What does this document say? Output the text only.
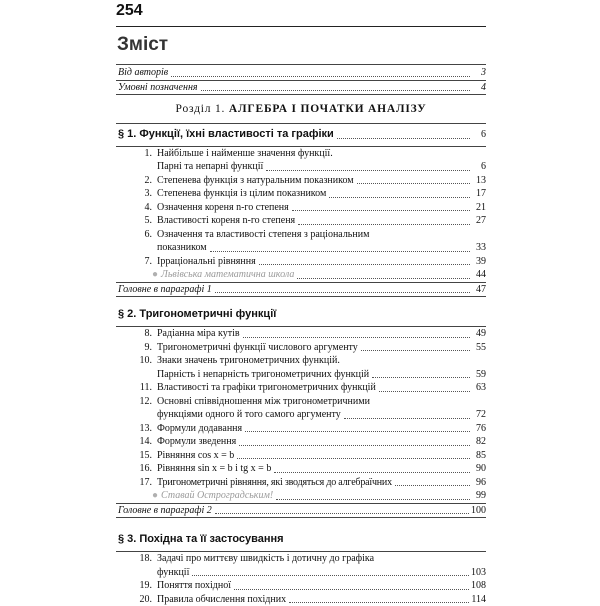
254
Зміст
Від авторів	3
Умовні позначення	4
Розділ 1. АЛГЕБРА І ПОЧАТКИ АНАЛІЗУ
§ 1. Функції, їхні властивості та графіки	6
1. Найбільше і найменше значення функції.
Парні та непарні функції	6
2. Степенева функція з натуральним показником	13
3. Степенева функція із цілим показником	17
4. Означення кореня n-го степеня	21
5. Властивості кореня n-го степеня	27
6. Означення та властивості степеня з раціональним
показником	33
7. Ірраціональні рівняння	39
● Львівська математична школа	44
Головне в параграфі 1	47
§ 2. Тригонометричні функції
8. Радіанна міра кутів	49
9. Тригонометричні функції числового аргументу	55
10. Знаки значень тригонометричних функцій.
Парність і непарність тригонометричних функцій	59
11. Властивості та графіки тригонометричних функцій	63
12. Основні співвідношення між тригонометричними
функціями одного й того самого аргументу	72
13. Формули додавання	76
14. Формули зведення	82
15. Рівняння cos x = b	85
16. Рівняння sin x = b і tg x = b	90
17. Тригонометричні рівняння, які зводяться до алгебраїчних	96
● Ставай Остроградським!	99
Головне в параграфі 2	100
§ 3. Похідна та її застосування
18. Задачі про миттєву швидкість і дотичну до графіка
функції	103
19. Поняття похідної	108
20. Правила обчислення похідних	114
